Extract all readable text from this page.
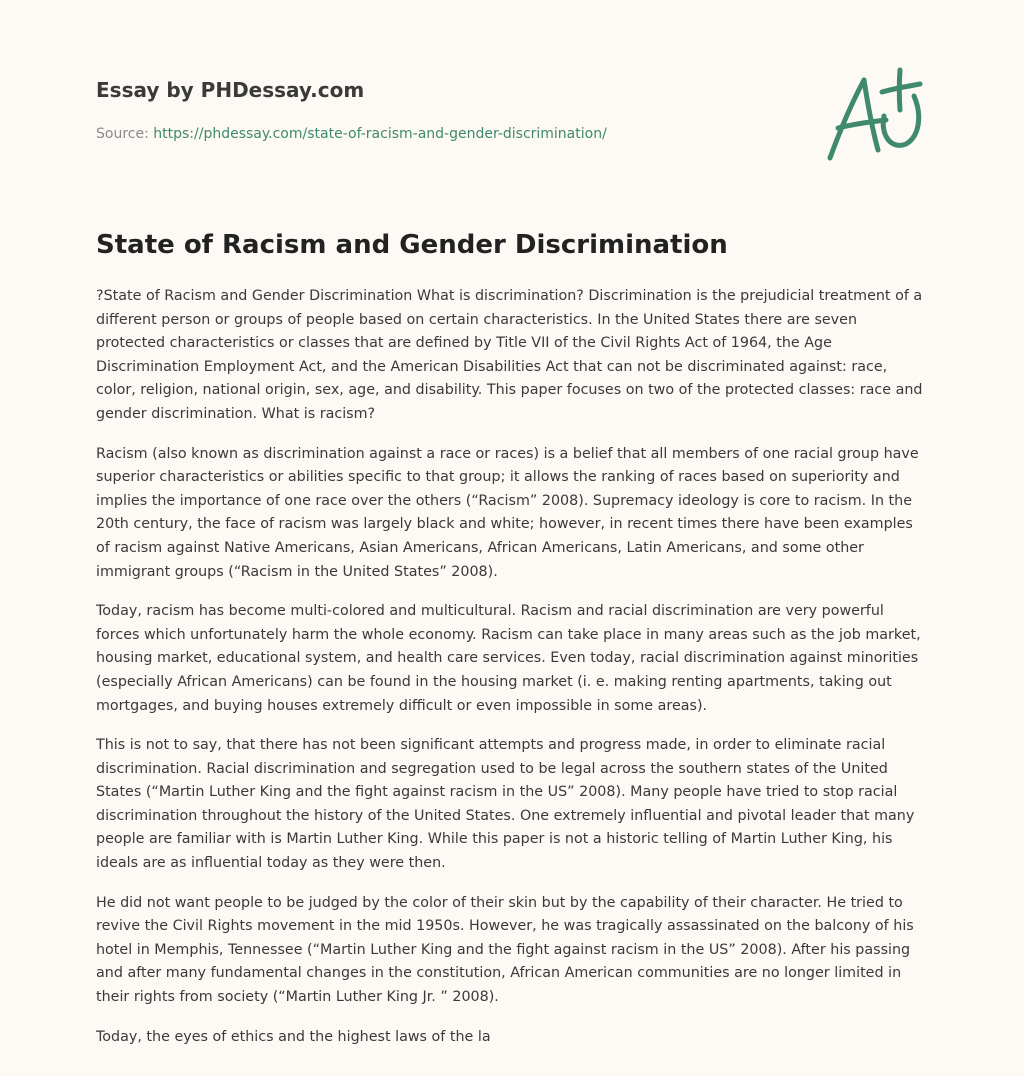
Essay by PHDessay.com
Source: https://phdessay.com/state-of-racism-and-gender-discrimination/
State of Racism and Gender Discrimination

?State of Racism and Gender Discrimination What is discrimination? Discrimination is the prejudicial treatment of a different person or groups of people based on certain characteristics. In the United States there are seven protected characteristics or classes that are defined by Title VII of the Civil Rights Act of 1964, the Age Discrimination Employment Act, and the American Disabilities Act that can not be discriminated against: race, color, religion, national origin, sex, age, and disability. This paper focuses on two of the protected classes: race and gender discrimination. What is racism?

Racism (also known as discrimination against a race or races) is a belief that all members of one racial group have superior characteristics or abilities specific to that group; it allows the ranking of races based on superiority and implies the importance of one race over the others (“Racism” 2008). Supremacy ideology is core to racism. In the 20th century, the face of racism was largely black and white; however, in recent times there have been examples of racism against Native Americans, Asian Americans, African Americans, Latin Americans, and some other immigrant groups (“Racism in the United States” 2008).

Today, racism has become multi-colored and multicultural. Racism and racial discrimination are very powerful forces which unfortunately harm the whole economy. Racism can take place in many areas such as the job market, housing market, educational system, and health care services. Even today, racial discrimination against minorities (especially African Americans) can be found in the housing market (i. e. making renting apartments, taking out mortgages, and buying houses extremely difficult or even impossible in some areas).

This is not to say, that there has not been significant attempts and progress made, in order to eliminate racial discrimination. Racial discrimination and segregation used to be legal across the southern states of the United States (“Martin Luther King and the fight against racism in the US” 2008). Many people have tried to stop racial discrimination throughout the history of the United States. One extremely influential and pivotal leader that many people are familiar with is Martin Luther King. While this paper is not a historic telling of Martin Luther King, his ideals are as influential today as they were then.

He did not want people to be judged by the color of their skin but by the capability of their character. He tried to revive the Civil Rights movement in the mid 1950s. However, he was tragically assassinated on the balcony of his hotel in Memphis, Tennessee (“Martin Luther King and the fight against racism in the US” 2008). After his passing and after many fundamental changes in the constitution, African American communities are no longer limited in their rights from society (“Martin Luther King Jr. ” 2008).

Today, the eyes of ethics and the highest laws of the la
